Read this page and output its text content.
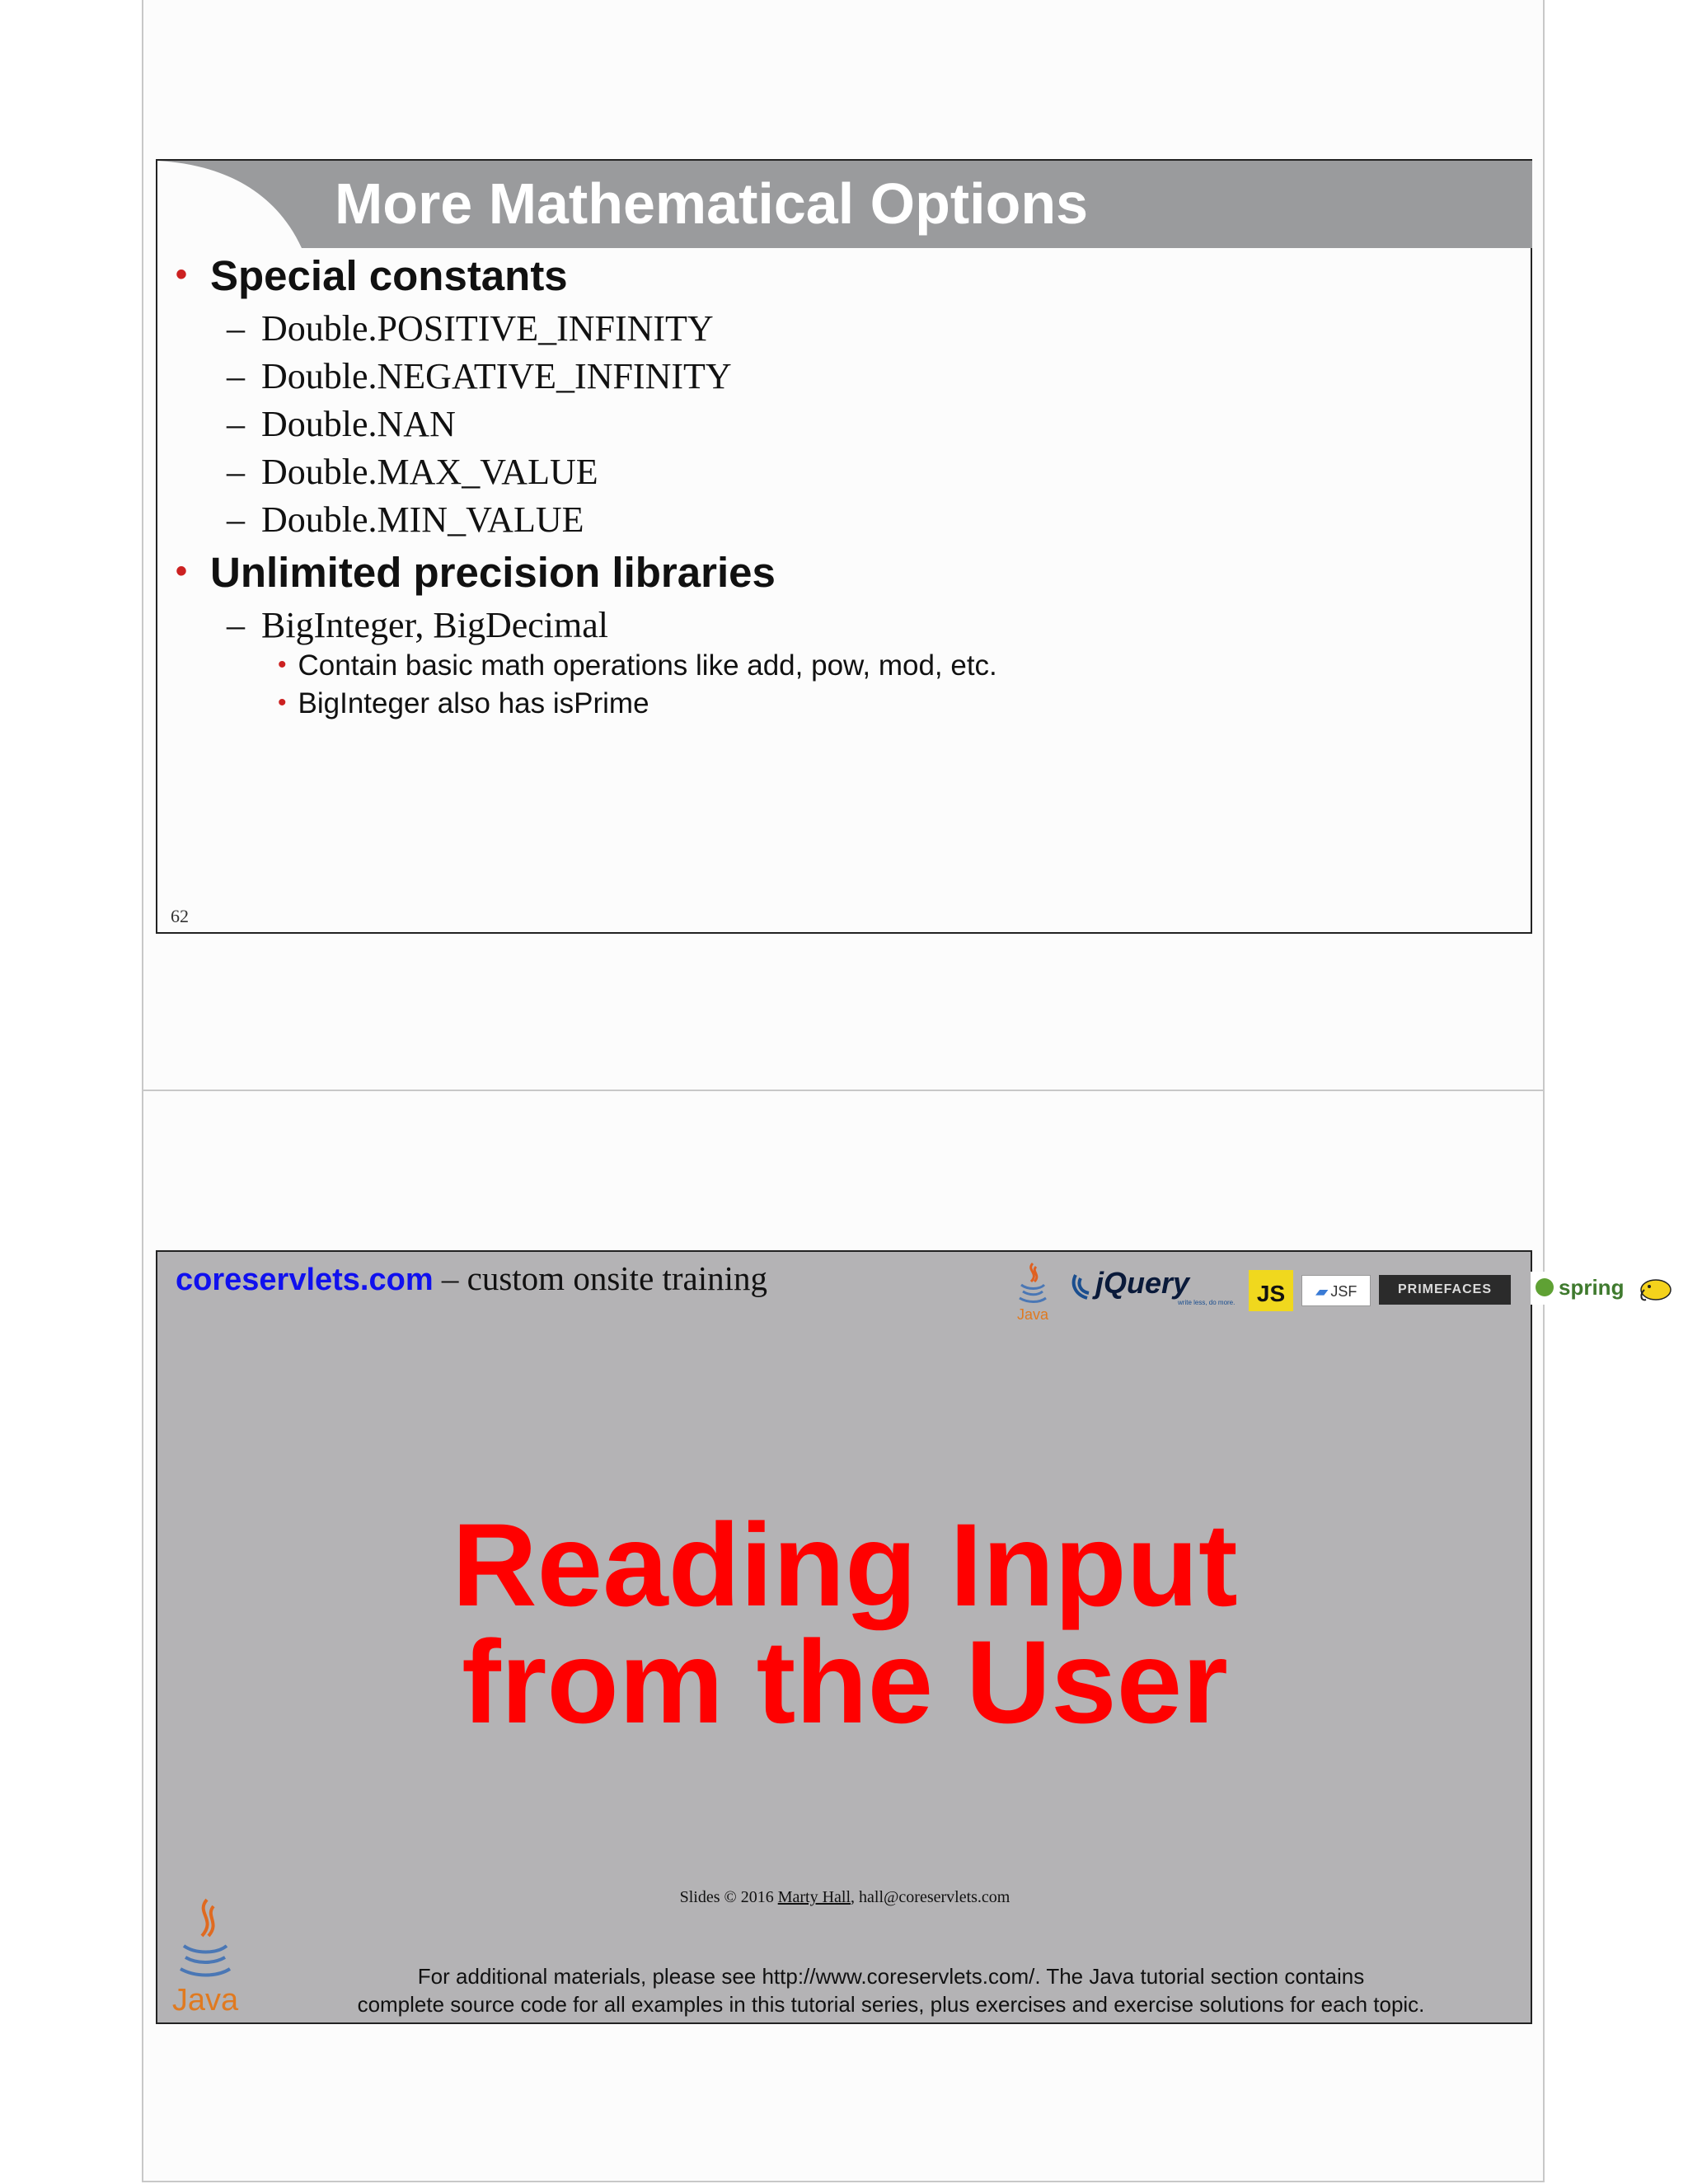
More Mathematical Options
• Special constants
– Double.POSITIVE_INFINITY
– Double.NEGATIVE_INFINITY
– Double.NAN
– Double.MAX_VALUE
– Double.MIN_VALUE
• Unlimited precision libraries
– BigInteger, BigDecimal
• Contain basic math operations like add, pow, mod, etc.
• BigInteger also has isPrime
62
coreservlets.com – custom onsite training
Java
jQuery
write less, do more. JS	▰ JSF	PRIMEFACES	spring
Reading Input
from the User
Slides © 2016 Marty Hall, hall@coreservlets.com
Java
For additional materials, please see http://www.coreservlets.com/. The Java tutorial section contains
complete source code for all examples in this tutorial series, plus exercises and exercise solutions for each topic.
